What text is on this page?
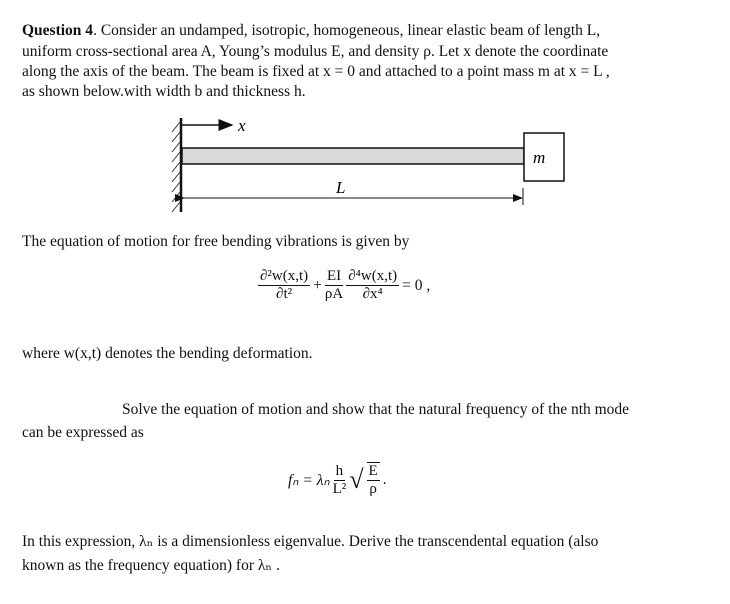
Question 4. Consider an undamped, isotropic, homogeneous, linear elastic beam of length L,
uniform cross-sectional area A, Young’s modulus E, and density ρ. Let x denote the coordinate
along the axis of the beam. The beam is fixed at x = 0 and attached to a point mass m at x = L ,
as shown below.with width b and thickness h.
x
m
L
The equation of motion for free bending vibrations is given by
$\frac{\text{∂²w(x,t)}}{\text{∂t²}} + \frac{EI}{\rho A} \frac{\text{∂⁴w(x,t)}}{\text{∂x⁴}} = 0$ ,
where w(x,t) denotes the bending deformation.
Solve the equation of motion and show that the natural frequency of the nth mode
can be expressed as
fₙ = λₙ $\frac{h}{\text{L²}}$ √ $\frac{E}{\rho}$ .
In this expression, λₙ is a dimensionless eigenvalue. Derive the transcendental equation (also
known as the frequency equation) for λₙ .
